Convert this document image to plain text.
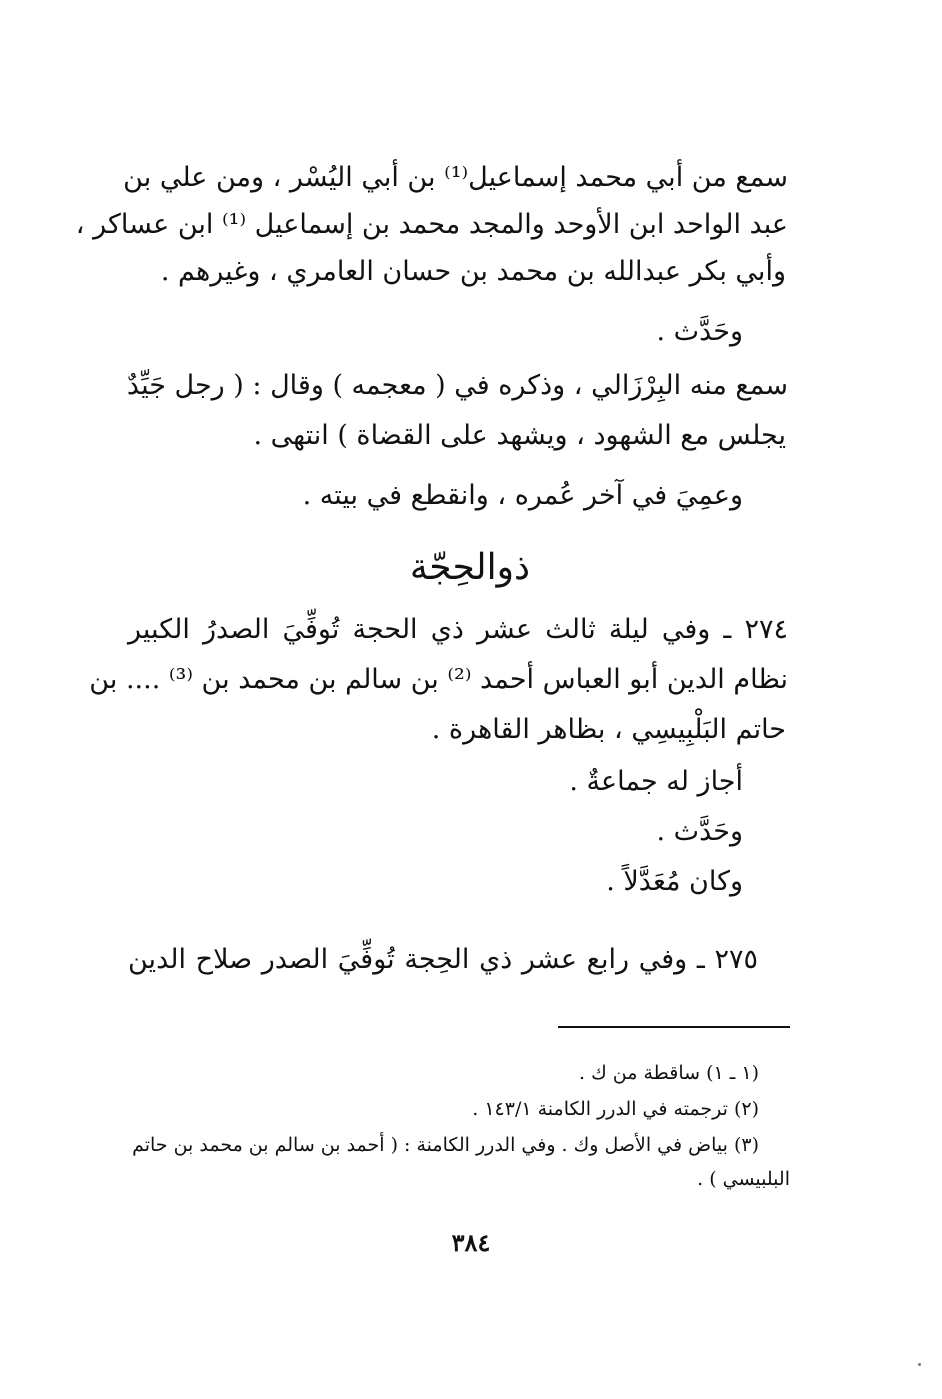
سمع من أبي محمد إسماعيل⁽¹⁾ بن أبي اليُسْر ، ومن علي بن
عبد الواحد ابن الأوحد والمجد محمد بن إسماعيل ⁽¹⁾ ابن عساكر ،
وأبي بكر عبدالله بن محمد بن حسان العامري ، وغيرهم .
وحَدَّث .
سمع منه البِرْزَالي ، وذكره في ( معجمه ) وقال : ( رجل جَيِّدٌ
يجلس مع الشهود ، ويشهد على القضاة ) انتهى .
وعمِيَ في آخر عُمره ، وانقطع في بيته .
ذوالحِجّة
٢٧٤ ـ وفي ليلة ثالث عشر ذي الحجة تُوفِّيَ الصدرُ الكبير
نظام الدين أبو العباس أحمد ⁽²⁾ بن سالم بن محمد بن ⁽³⁾ .... بن
حاتم البَلْبِيسِي ، بظاهر القاهرة .
أجاز له جماعةٌ .
وحَدَّث .
وكان مُعَدَّلاً .
٢٧٥ ـ وفي رابع عشر ذي الحِجة تُوفِّيَ الصدر صلاح الدين
(١ ـ ١) ساقطة من ك .
(٢) ترجمته في الدرر الكامنة ١٤٣/١ .
(٣) بياض في الأصل وك . وفي الدرر الكامنة : ( أحمد بن سالم بن محمد بن حاتم
البلبيسي ) .
٣٨٤
